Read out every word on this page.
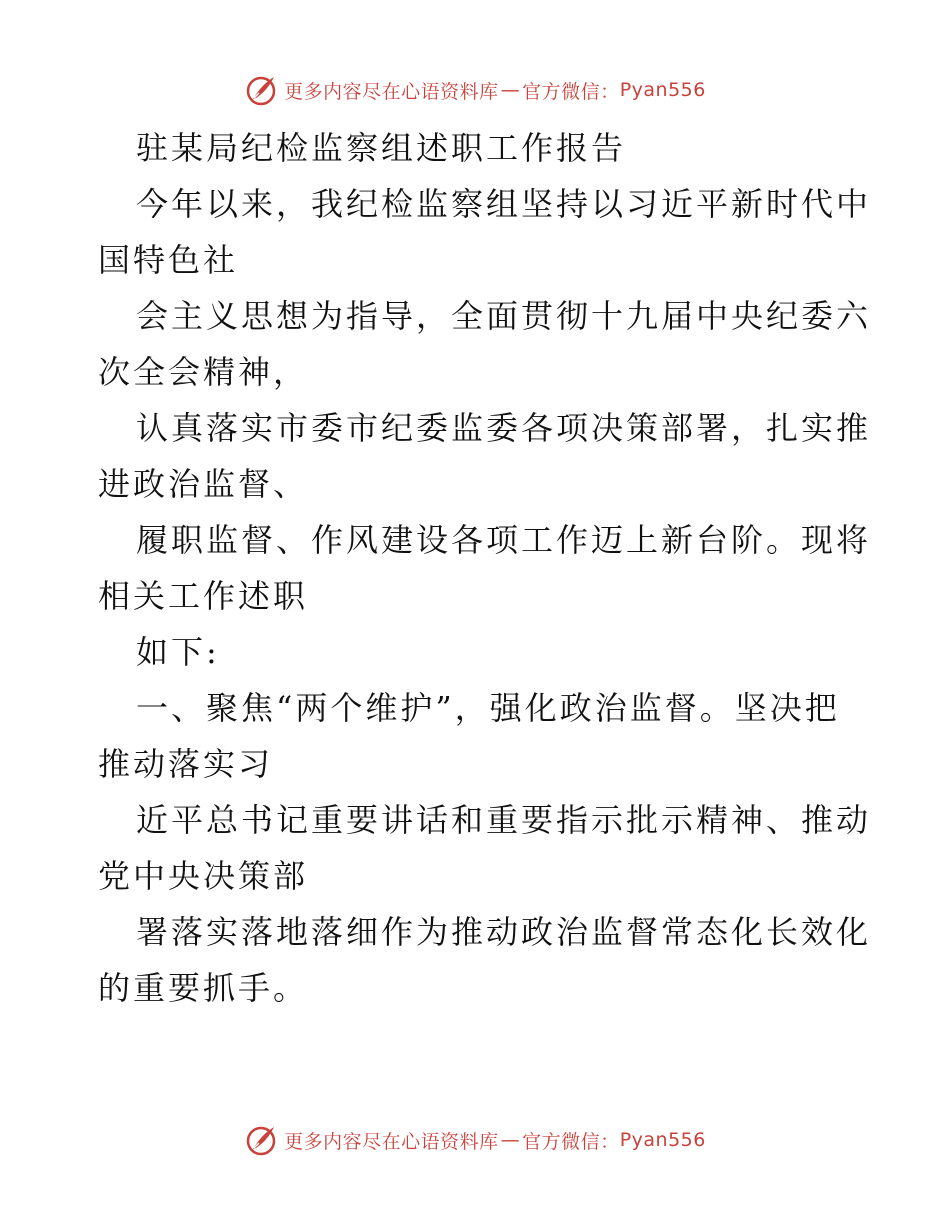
更多内容尽在心语资料库 — 官方微信： Pyan556
驻某局纪检监察组述职工作报告
今年以来，我纪检监察组坚持以习近平新时代中
国特色社
会主义思想为指导，全面贯彻十九届中央纪委六
次全会精神，
认真落实市委市纪委监委各项决策部署，扎实推
进政治监督、
履职监督、作风建设各项工作迈上新台阶。现将
相关工作述职
如下:
一、聚焦“两个维护”，强化政治监督。坚决把
推动落实习
近平总书记重要讲话和重要指示批示精神、推动
党中央决策部
署落实落地落细作为推动政治监督常态化长效化
的重要抓手。
更多内容尽在心语资料库 — 官方微信： Pyan556
